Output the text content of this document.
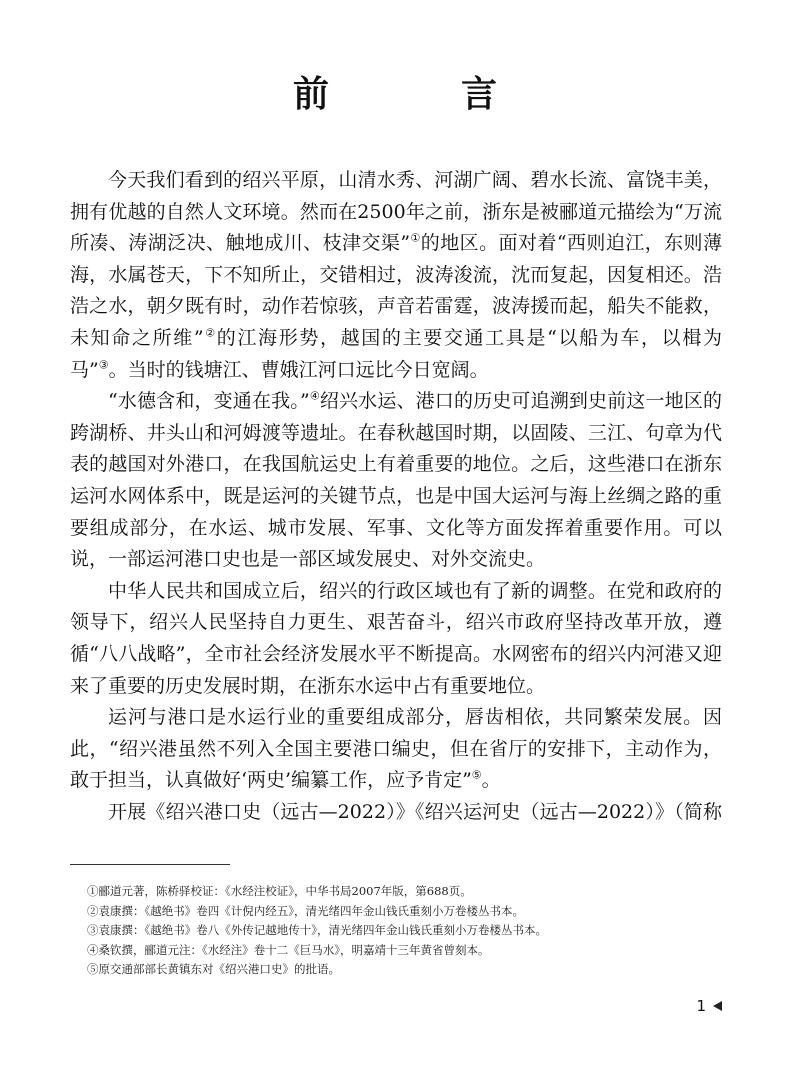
前　言

今天我们看到的绍兴平原，山清水秀、河湖广阔、碧水长流、富饶丰美，拥有优越的自然人文环境。然而在2500年之前，浙东是被郦道元描绘为“万流所凑、涛湖泛决、触地成川、枝津交渠”①的地区。面对着“西则迫江，东则薄海，水属苍天，下不知所止，交错相过，波涛浚流，沈而复起，因复相还。浩浩之水，朝夕既有时，动作若惊骇，声音若雷霆，波涛援而起，船失不能救，未知命之所维”②的江海形势，越国的主要交通工具是“以船为车，以楫为马”③。当时的钱塘江、曹娥江河口远比今日宽阔。

“水德含和，变通在我。”④绍兴水运、港口的历史可追溯到史前这一地区的跨湖桥、井头山和河姆渡等遗址。在春秋越国时期，以固陵、三江、句章为代表的越国对外港口，在我国航运史上有着重要的地位。之后，这些港口在浙东运河水网体系中，既是运河的关键节点，也是中国大运河与海上丝绸之路的重要组成部分，在水运、城市发展、军事、文化等方面发挥着重要作用。可以说，一部运河港口史也是一部区域发展史、对外交流史。

中华人民共和国成立后，绍兴的行政区域也有了新的调整。在党和政府的领导下，绍兴人民坚持自力更生、艰苦奋斗，绍兴市政府坚持改革开放，遵循“八八战略”，全市社会经济发展水平不断提高。水网密布的绍兴内河港又迎来了重要的历史发展时期，在浙东水运中占有重要地位。

运河与港口是水运行业的重要组成部分，唇齿相依，共同繁荣发展。因此，“绍兴港虽然不列入全国主要港口编史，但在省厅的安排下，主动作为，敢于担当，认真做好‘两史’编纂工作，应予肯定”⑤。

开展《绍兴港口史（远古—2022）》《绍兴运河史（远古—2022）》（简称

①郦道元著，陈桥驿校证：《水经注校证》，中华书局2007年版，第688页。
②袁康撰：《越绝书》卷四《计倪内经五》，清光绪四年金山钱氏重刻小万卷楼丛书本。
③袁康撰：《越绝书》卷八《外传记越地传十》，清光绪四年金山钱氏重刻小万卷楼丛书本。
④桑钦撰，郦道元注：《水经注》卷十二《巨马水》，明嘉靖十三年黄省曾刻本。
⑤原交通部部长黄镇东对《绍兴港口史》的批语。
1
